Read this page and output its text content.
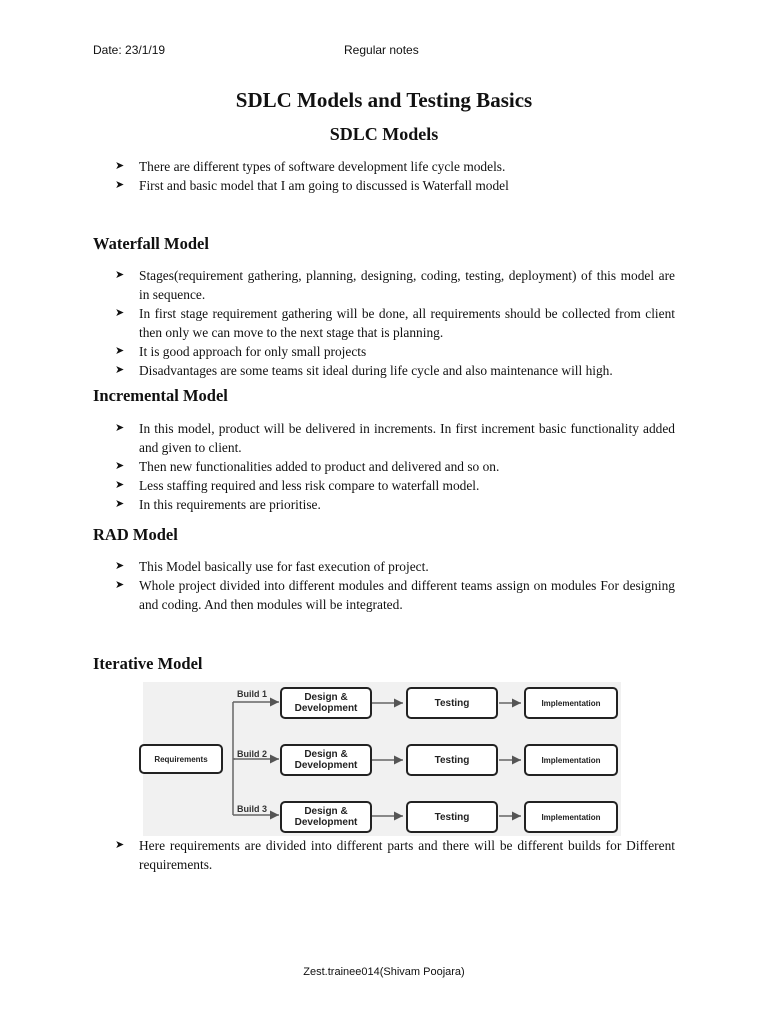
Date: 23/1/19	Regular notes
SDLC Models and Testing Basics
SDLC Models
➤ There are different types of software development life cycle models.
➤ First and basic model that I am going to discussed is Waterfall model
Waterfall Model
➤ Stages(requirement gathering, planning, designing, coding, testing, deployment) of this model are in sequence.
➤ In first stage requirement gathering will be done, all requirements should be collected from client then only we can move to the next stage that is planning.
➤ It is good approach for only small projects
➤ Disadvantages are some teams sit ideal during life cycle and also maintenance will high.
Incremental Model
➤ In this model, product will be delivered in increments. In first increment basic functionality added and given to client.
➤ Then new functionalities added to product and delivered and so on.
➤ Less staffing required and less risk compare to waterfall model.
➤ In this requirements are prioritise.
RAD Model
➤ This Model basically use for fast execution of project.
➤ Whole project divided into different modules and different teams assign on modules For designing and coding. And then modules will be integrated.
Iterative Model
Requirements
Build 1
Build 2
Build 3
Design & Development
Design & Development
Design & Development
Testing
Testing
Testing
Implementation
Implementation
Implementation
➤ Here requirements are divided into different parts and there will be different builds for Different requirements.
Zest.trainee014(Shivam Poojara)
